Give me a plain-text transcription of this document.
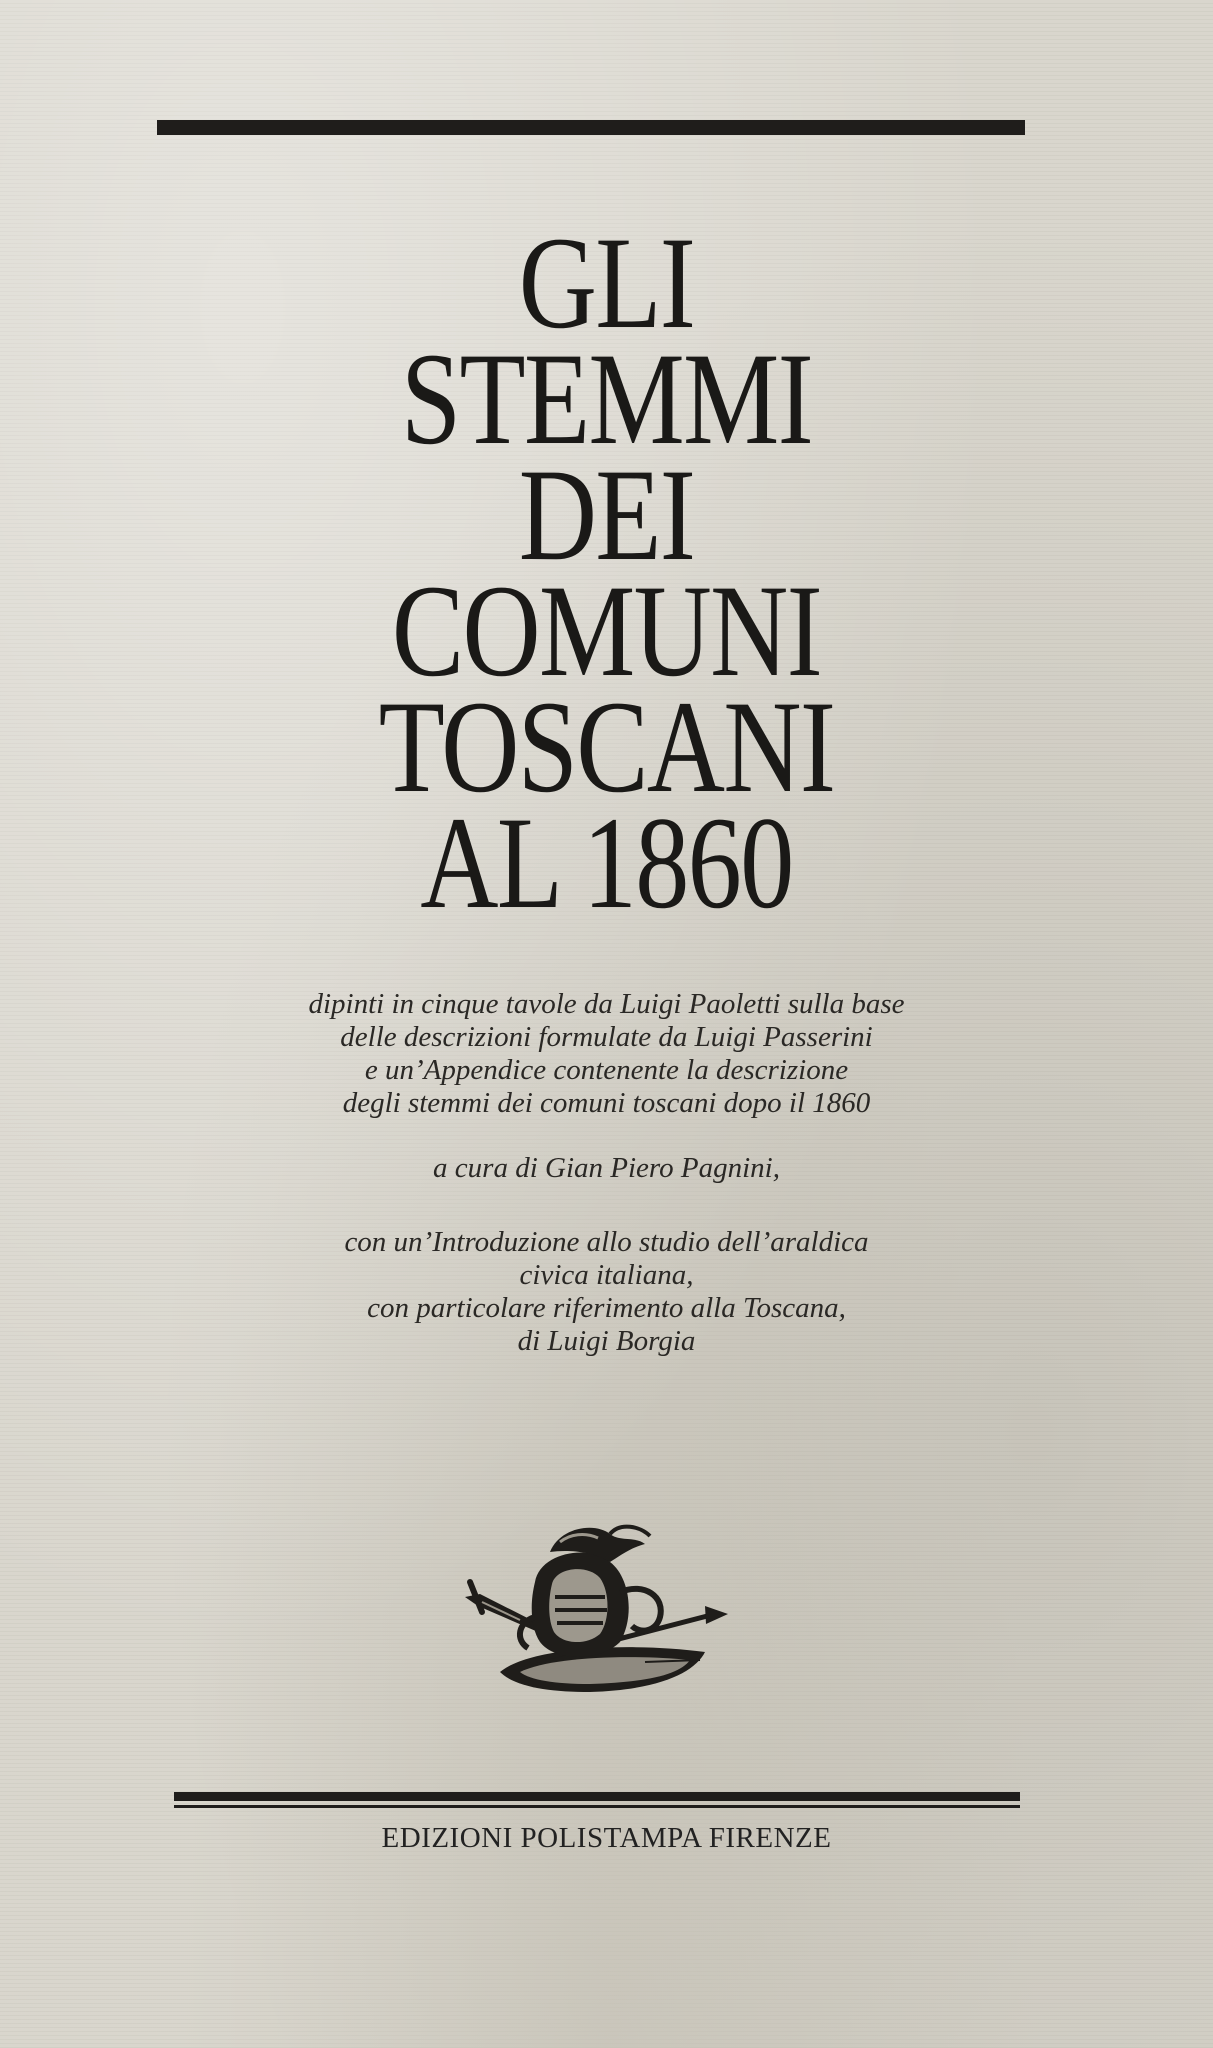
GLI
STEMMI
DEI
COMUNI
TOSCANI
AL 1860
dipinti in cinque tavole da Luigi Paoletti sulla base
delle descrizioni formulate da Luigi Passerini
e un’Appendice contenente la descrizione
degli stemmi dei comuni toscani dopo il 1860
a cura di Gian Piero Pagnini,
con un’Introduzione allo studio dell’araldica
civica italiana,
con particolare riferimento alla Toscana,
di Luigi Borgia
EDIZIONI POLISTAMPA FIRENZE
